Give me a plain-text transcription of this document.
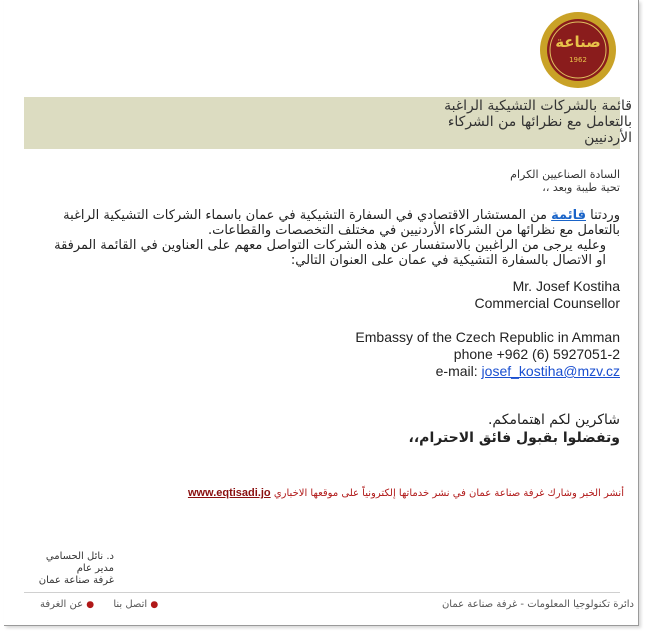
صناعة
1962
قائمة بالشركات التشيكية الراغبة
بالتعامل مع نظرائها من الشركاء
الأردنيين
السادة الصناعيين الكرام
تحية طيبة وبعد ،،
وردتنا قائمة من المستشار الاقتصادي في السفارة التشيكية في عمان باسماء الشركات التشيكية الراغبة بالتعامل مع نظرائها من الشركاء الأردنيين في مختلف التخصصات والقطاعات.
وعليه يرجى من الراغبين بالاستفسار عن هذه الشركات التواصل معهم على العناوين في القائمة المرفقة او الاتصال بالسفارة التشيكية في عمان على العنوان التالي:
Mr. Josef Kostiha
Commercial Counsellor
Embassy of the Czech Republic in Amman
phone +962 (6) 5927051-2
e-mail: josef_kostiha@mzv.cz
شاكرين لكم اهتمامكم.
وتفضلوا بقبول فائق الاحترام،،
أنشر الخبر وشارك غرفة صناعة عمان في نشر خدماتها إلكترونياً على موقعها الاخباري www.eqtisadi.jo
د. نائل الحسامي
مدير عام
غرفة صناعة عمان
● اتصل بنا ● عن الغرفة	دائرة تكنولوجيا المعلومات - غرفة صناعة عمان
